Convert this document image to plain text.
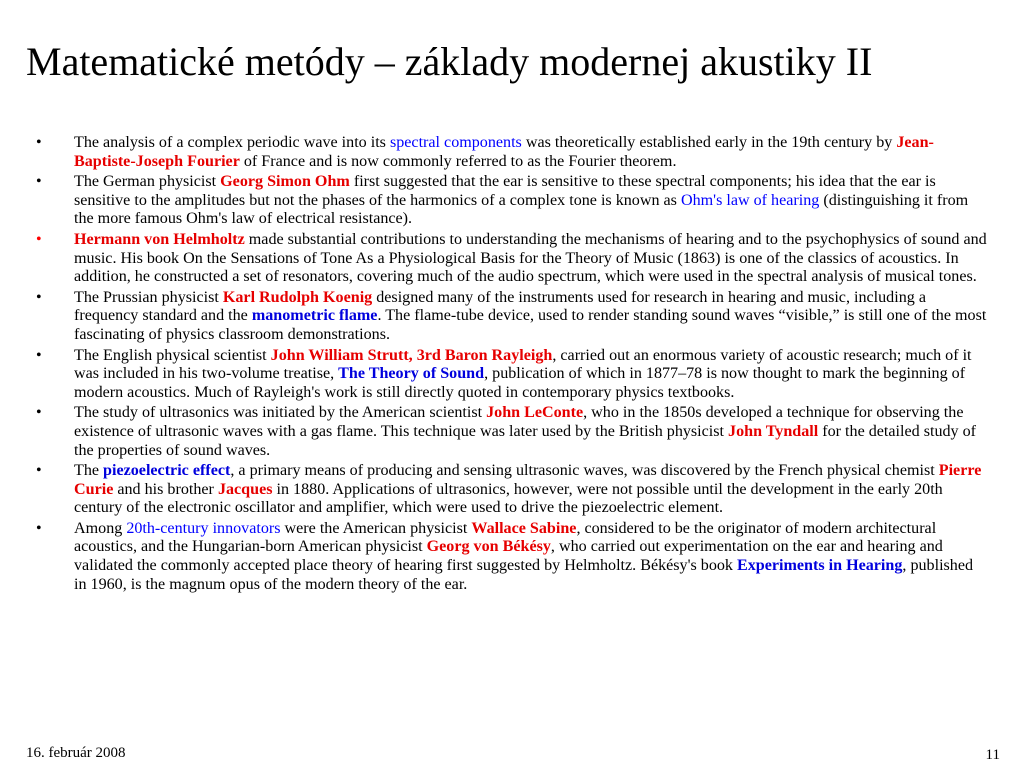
Matematické metódy – základy modernej akustiky II
• The analysis of a complex periodic wave into its spectral components was theoretically established early in the 19th century by Jean-Baptiste-Joseph Fourier of France and is now commonly referred to as the Fourier theorem.
• The German physicist Georg Simon Ohm first suggested that the ear is sensitive to these spectral components; his idea that the ear is sensitive to the amplitudes but not the phases of the harmonics of a complex tone is known as Ohm's law of hearing (distinguishing it from the more famous Ohm's law of electrical resistance).
• Hermann von Helmholtz made substantial contributions to understanding the mechanisms of hearing and to the psychophysics of sound and music. His book On the Sensations of Tone As a Physiological Basis for the Theory of Music (1863) is one of the classics of acoustics. In addition, he constructed a set of resonators, covering much of the audio spectrum, which were used in the spectral analysis of musical tones.
• The Prussian physicist Karl Rudolph Koenig designed many of the instruments used for research in hearing and music, including a frequency standard and the manometric flame. The flame-tube device, used to render standing sound waves “visible,” is still one of the most fascinating of physics classroom demonstrations.
• The English physical scientist John William Strutt, 3rd Baron Rayleigh, carried out an enormous variety of acoustic research; much of it was included in his two-volume treatise, The Theory of Sound, publication of which in 1877–78 is now thought to mark the beginning of modern acoustics. Much of Rayleigh's work is still directly quoted in contemporary physics textbooks.
• The study of ultrasonics was initiated by the American scientist John LeConte, who in the 1850s developed a technique for observing the existence of ultrasonic waves with a gas flame. This technique was later used by the British physicist John Tyndall for the detailed study of the properties of sound waves.
• The piezoelectric effect, a primary means of producing and sensing ultrasonic waves, was discovered by the French physical chemist Pierre Curie and his brother Jacques in 1880. Applications of ultrasonics, however, were not possible until the development in the early 20th century of the electronic oscillator and amplifier, which were used to drive the piezoelectric element.
• Among 20th-century innovators were the American physicist Wallace Sabine, considered to be the originator of modern architectural acoustics, and the Hungarian-born American physicist Georg von Békésy, who carried out experimentation on the ear and hearing and validated the commonly accepted place theory of hearing first suggested by Helmholtz. Békésy's book Experiments in Hearing, published in 1960, is the magnum opus of the modern theory of the ear.
16. február 2008	11
